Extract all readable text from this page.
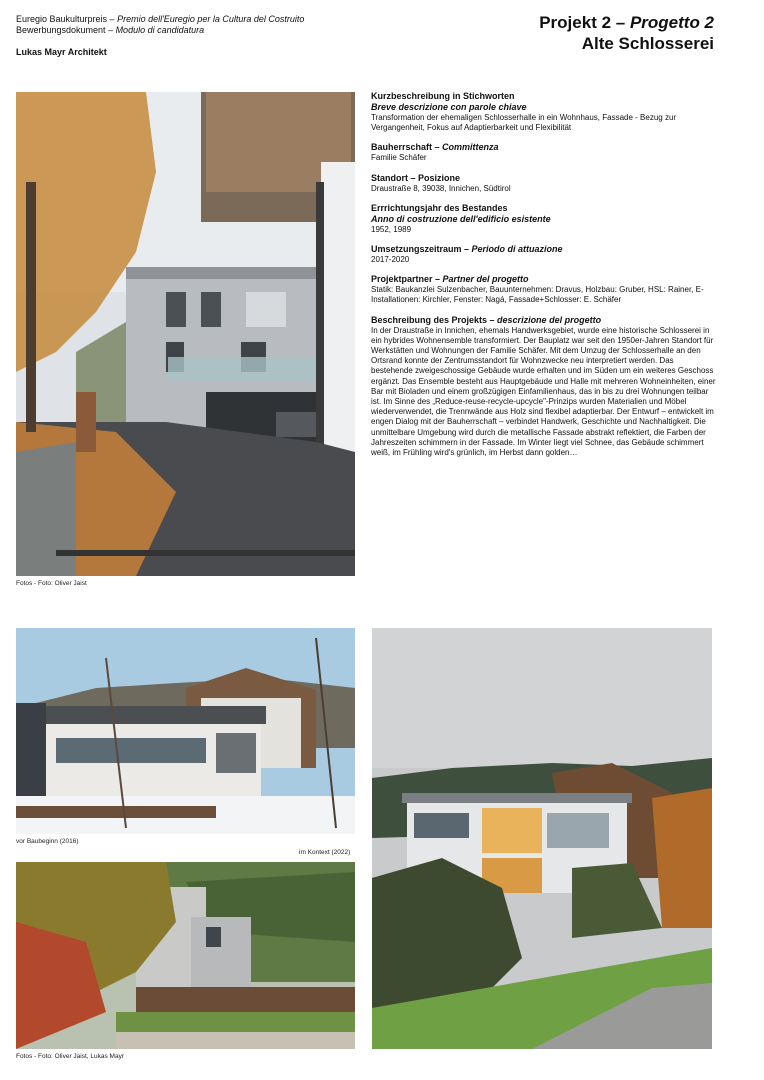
Euregio Baukulturpreis – Premio dell'Euregio per la Cultura del Costruito
Bewerbungsdokument – Modulo di candidatura
Lukas Mayr Architekt
Projekt 2 – Progetto 2
Alte Schlosserei
Fotos - Foto: Oliver Jaist
Kurzbeschreibung in Stichworten
Breve descrizione con parole chiave
Transformation der ehemaligen Schlosserhalle in ein Wohnhaus, Fassade - Bezug zur Vergangenheit, Fokus auf Adaptierbarkeit und Flexibilität
Bauherrschaft – Committenza
Familie Schäfer
Standort – Posizione
Draustraße 8, 39038, Innichen, Südtirol
Errrichtungsjahr des Bestandes
Anno di costruzione dell'edificio esistente
1952, 1989
Umsetzungszeitraum – Periodo di attuazione
2017-2020
Projektpartner – Partner del progetto
Statik: Baukanzlei Sulzenbacher, Bauunternehmen: Dravus, Holzbau: Gruber, HSL: Rainer, E-Installationen: Kirchler, Fenster: Nagá, Fassade+Schlosser: E. Schäfer
Beschreibung des Projekts – descrizione del progetto
In der Draustraße in Innichen, ehemals Handwerksgebiet, wurde eine historische Schlosserei in ein hybrides Wohnensemble transformiert. Der Bauplatz war seit den 1950er-Jahren Standort für Werkstätten und Wohnungen der Familie Schäfer. Mit dem Umzug der Schlosserhalle an den Ortsrand konnte der Zentrumsstandort für Wohnzwecke neu interpretiert werden. Das bestehende zweigeschossige Gebäude wurde erhalten und im Süden um ein weiteres Geschoss ergänzt. Das Ensemble besteht aus Hauptgebäude und Halle mit mehreren Wohneinheiten, einer Bar mit Bioladen und einem großzügigen Einfamilienhaus, das in bis zu drei Wohnungen teilbar ist. Im Sinne des „Reduce-reuse-recycle-upcycle"-Prinzips wurden Materialien und Möbel wiederverwendet, die Trennwände aus Holz sind flexibel adaptierbar. Der Entwurf – entwickelt im engen Dialog mit der Bauherrschaft – verbindet Handwerk, Geschichte und Nachhaltigkeit. Die unmittelbare Umgebung wird durch die metallische Fassade abstrakt reflektiert, die Farben der Jahreszeiten schimmern in der Fassade. Im Winter liegt viel Schnee, das Gebäude schimmert weiß, im Frühling wird's grünlich, im Herbst dann golden…
vor Baubeginn (2016)
im Kontext (2022)
Fotos - Foto: Oliver Jaist, Lukas Mayr
